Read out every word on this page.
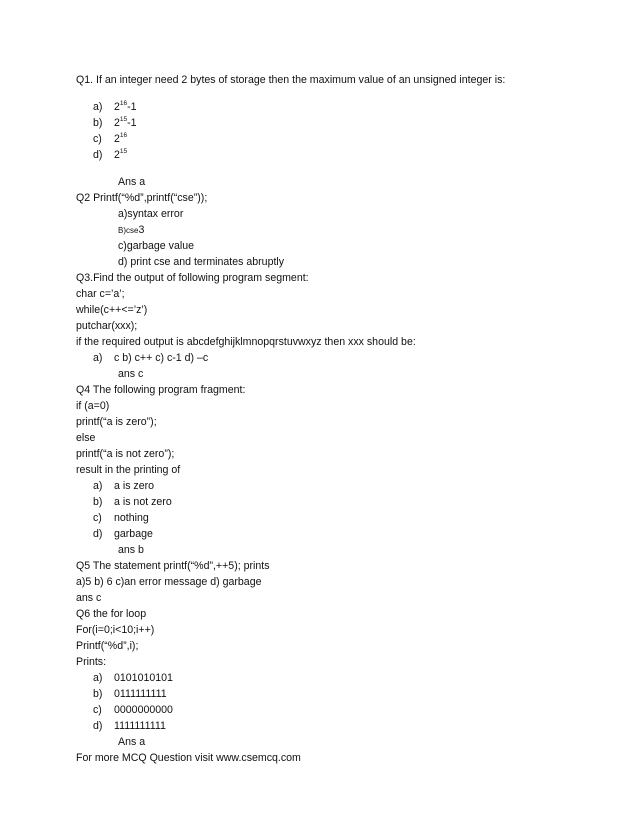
Q1. If an integer need 2 bytes of storage then the maximum value of an unsigned integer is:
a) $2^{16}-1$
b) $2^{15}-1$
c) $2^{16}$
d) $2^{15}$
Ans a
Q2 Printf(“%d”,printf(“cse”));
a)syntax error
B)cse3
c)garbage value
d) print cse and terminates abruptly
Q3.Find the output of following program segment:
char c=’a’;
while(c++<=’z’)
putchar(xxx);
if the required output is abcdefghijklmnopqrstuvwxyz then xxx should be:
a) c b) c++ c) c-1 d) –c
ans c
Q4 The following program fragment:
if (a=0)
printf(“a is zero”);
else
printf(“a is not zero”);
result in the printing of
a) a is zero
b) a is not zero
c) nothing
d) garbage
ans b
Q5 The statement printf(“%d”,++5); prints
a)5 b) 6 c)an error message d) garbage
ans c
Q6 the for loop
For(i=0;i<10;i++)
Printf(“%d”,i);
Prints:
a) 0101010101
b) 0111111111
c) 0000000000
d) 1111111111
Ans a
For more MCQ Question visit www.csemcq.com
